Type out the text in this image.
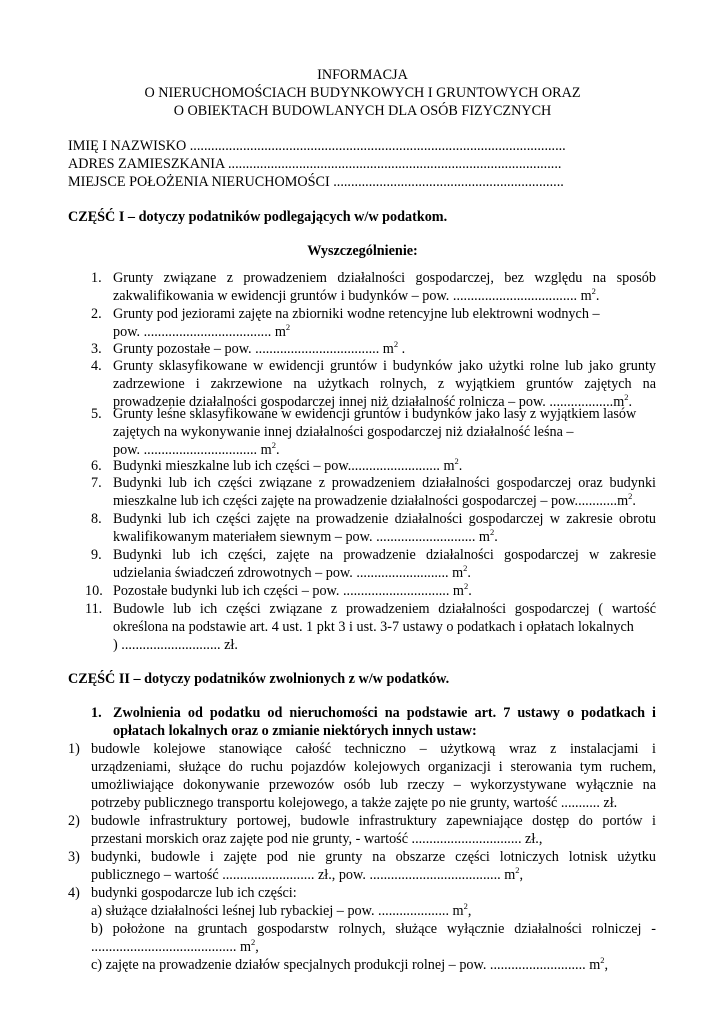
INFORMACJA
O NIERUCHOMOŚCIACH BUDYNKOWYCH I GRUNTOWYCH ORAZ
O OBIEKTACH BUDOWLANYCH DLA OSÓB FIZYCZNYCH
IMIĘ I NAZWISKO ..........................................................................................................
ADRES ZAMIESZKANIA ..............................................................................................
MIEJSCE POŁOŻENIA NIERUCHOMOŚCI .................................................................
CZĘŚĆ I – dotyczy podatników podlegających w/w podatkom.
Wyszczególnienie:
1. Grunty związane z prowadzeniem działalności gospodarczej, bez względu na sposób
zakwalifikowania w ewidencji gruntów i budynków – pow. ................................... $m^2$.
2. Grunty pod jeziorami zajęte na zbiorniki wodne retencyjne lub elektrowni wodnych –
pow. .................................... $m^2$
3. Grunty pozostałe – pow. ................................... $m^2$ .
4. Grunty sklasyfikowane w ewidencji gruntów i budynków jako użytki rolne lub jako grunty
zadrzewione i zakrzewione na użytkach rolnych, z wyjątkiem gruntów zajętych na
prowadzenie działalności gospodarczej innej niż działalność rolnicza – pow. $..................m^2$.
5. Grunty leśne sklasyfikowane w ewidencji gruntów i budynków jako lasy z wyjątkiem lasów
zajętych na wykonywanie innej działalności gospodarczej niż działalność leśna –
pow. ................................ $m^2$.
6. Budynki mieszkalne lub ich części – pow.......................... $m^2$.
7. Budynki lub ich części związane z prowadzeniem działalności gospodarczej oraz budynki
mieszkalne lub ich części zajęte na prowadzenie działalności gospodarczej – $pow............m^2$.
8. Budynki lub ich części zajęte na prowadzenie działalności gospodarczej w zakresie obrotu
kwalifikowanym materiałem siewnym – pow. ............................ $m^2$.
9. Budynki lub ich części, zajęte na prowadzenie działalności gospodarczej w zakresie
udzielania świadczeń zdrowotnych – pow. .......................... $m^2$.
10. Pozostałe budynki lub ich części – pow. .............................. $m^2$.
11. Budowle lub ich części związane z prowadzeniem działalności gospodarczej ( wartość
określona na podstawie art. 4 ust. 1 pkt 3 i ust. 3-7 ustawy o podatkach i opłatach lokalnych
) ............................ zł.
CZĘŚĆ II – dotyczy podatników zwolnionych z w/w podatków.
1. Zwolnienia od podatku od nieruchomości na podstawie art. 7 ustawy o podatkach i
opłatach lokalnych oraz o zmianie niektórych innych ustaw:
1) budowle kolejowe stanowiące całość techniczno – użytkową wraz z instalacjami i
urządzeniami, służące do ruchu pojazdów kolejowych organizacji i sterowania tym ruchem,
umożliwiające dokonywanie przewozów osób lub rzeczy – wykorzystywane wyłącznie na
potrzeby publicznego transportu kolejowego, a także zajęte po nie grunty, wartość ........... zł.
2) budowle infrastruktury portowej, budowle infrastruktury zapewniające dostęp do portów i
przestani morskich oraz zajęte pod nie grunty, - wartość ............................... zł.,
3) budynki, budowle i zajęte pod nie grunty na obszarze części lotniczych lotnisk użytku
publicznego – wartość .......................... zł., pow. ..................................... $m^2$,
4) budynki gospodarcze lub ich części:
a) służące działalności leśnej lub rybackiej – pow. .................... $m^2$,
b) położone na gruntach gospodarstw rolnych, służące wyłącznie działalności rolniczej -
......................................... $m^2$,
c) zajęte na prowadzenie działów specjalnych produkcji rolnej – pow. ........................... $m^2$,
